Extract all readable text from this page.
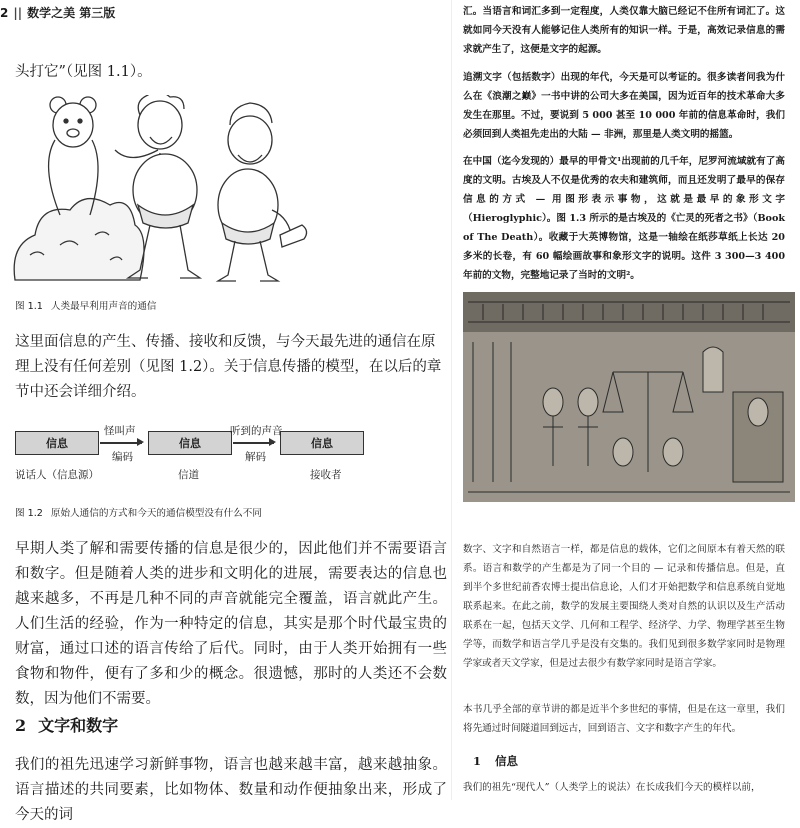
2 || 数学之美 第三版
头打它”（见图 1.1）。
图 1.1 人类最早利用声音的通信
这里面信息的产生、传播、接收和反馈，与今天最先进的通信在原理上没有任何差别（见图 1.2）。关于信息传播的模型，在以后的章节中还会详细介绍。
信息	信息	信息
怪叫声
编码
听到的声音
解码
说话人（信息源）	信道	接收者
图 1.2 原始人通信的方式和今天的通信模型没有什么不同
早期人类了解和需要传播的信息是很少的，因此他们并不需要语言和数字。但是随着人类的进步和文明化的进展，需要表达的信息也越来越多，不再是几种不同的声音就能完全覆盖，语言就此产生。人们生活的经验，作为一种特定的信息，其实是那个时代最宝贵的财富，通过口述的语言传给了后代。同时，由于人类开始拥有一些食物和物件，便有了多和少的概念。很遗憾，那时的人类还不会数数，因为他们不需要。
2 文字和数字
我们的祖先迅速学习新鲜事物，语言也越来越丰富，越来越抽象。语言描述的共同要素，比如物体、数量和动作便抽象出来，形成了今天的词
汇。当语言和词汇多到一定程度，人类仅靠大脑已经记不住所有词汇了。这就如同今天没有人能够记住人类所有的知识一样。于是，高效记录信息的需求就产生了，这便是文字的起源。
追溯文字（包括数字）出现的年代，今天是可以考证的。很多读者问我为什么在《浪潮之巅》一书中讲的公司大多在美国，因为近百年的技术革命大多发生在那里。不过，要说到 5 000 甚至 10 000 年前的信息革命时，我们必须回到人类祖先走出的大陆 — 非洲，那里是人类文明的摇篮。
在中国（迄今发现的）最早的甲骨文¹出现前的几千年，尼罗河流域就有了高度的文明。古埃及人不仅是优秀的农夫和建筑师，而且还发明了最早的保存信息的方式 — 用图形表示事物，这就是最早的象形文字（Hieroglyphic）。图 1.3 所示的是古埃及的《亡灵的死者之书》（Book of The Death）。收藏于大英博物馆，这是一轴绘在纸莎草纸上长达 20 多米的长卷，有 60 幅绘画故事和象形文字的说明。这件 3 300—3 400 年前的文物，完整地记录了当时的文明²。
数字、文字和自然语言一样，都是信息的载体，它们之间原本有着天然的联系。语言和数学的产生都是为了同一个目的 — 记录和传播信息。但是，直到半个多世纪前香农博士提出信息论，人们才开始把数学和信息系统自觉地联系起来。在此之前，数学的发展主要围绕人类对自然的认识以及生产活动联系在一起，包括天文学、几何和工程学、经济学、力学、物理学甚至生物学等，而数学和语言学几乎是没有交集的。我们见到很多数学家同时是物理学家或者天文学家，但是过去很少有数学家同时是语言学家。
本书几乎全部的章节讲的都是近半个多世纪的事情，但是在这一章里，我们将先通过时间隧道回到远古，回到语言、文字和数字产生的年代。
1 信息
我们的祖先“现代人”（人类学上的说法）在长成我们今天的模样以前，
